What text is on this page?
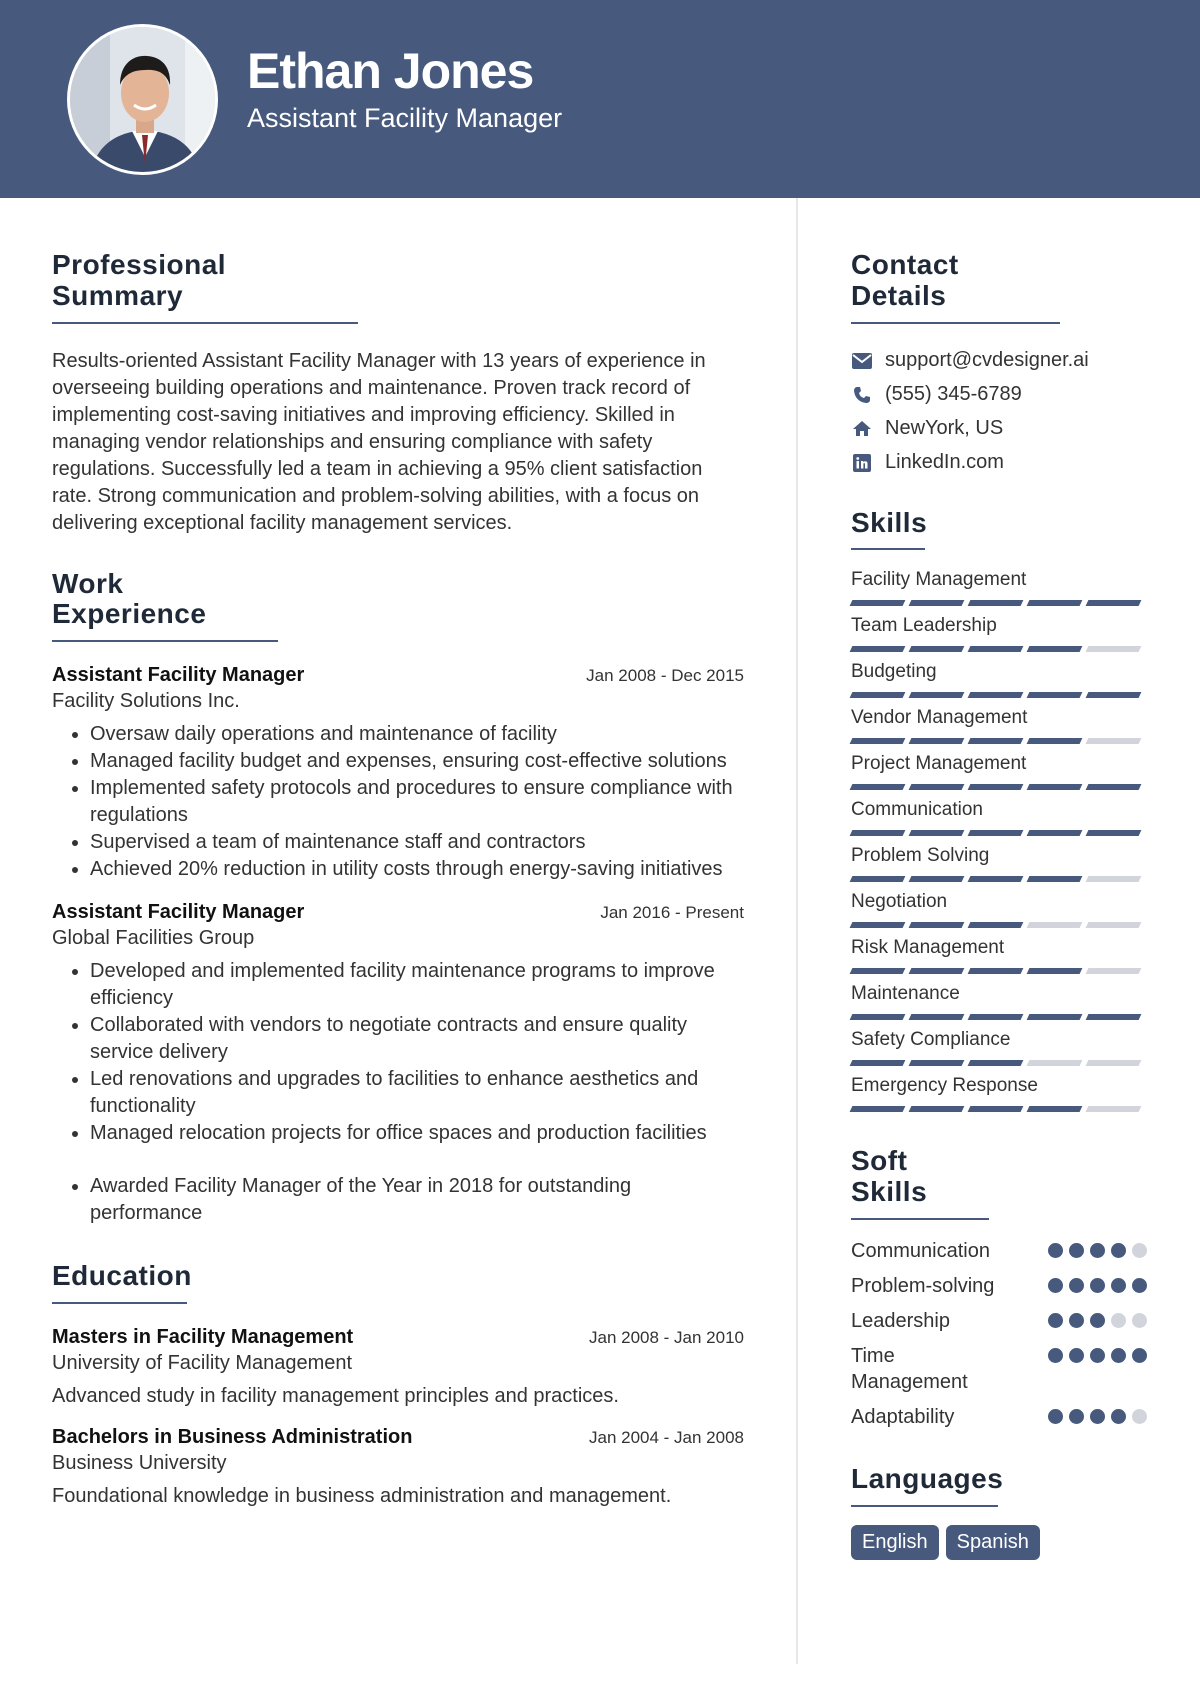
Ethan Jones
Assistant Facility Manager
Professional Summary

Results-oriented Assistant Facility Manager with 13 years of experience in overseeing building operations and maintenance. Proven track record of implementing cost-saving initiatives and improving efficiency. Skilled in managing vendor relationships and ensuring compliance with safety regulations. Successfully led a team in achieving a 95% client satisfaction rate. Strong communication and problem-solving abilities, with a focus on delivering exceptional facility management services.

Work Experience
Assistant Facility Manager	Jan 2008 - Dec 2015
Facility Solutions Inc.
• Oversaw daily operations and maintenance of facility
• Managed facility budget and expenses, ensuring cost-effective solutions
• Implemented safety protocols and procedures to ensure compliance with regulations
• Supervised a team of maintenance staff and contractors
• Achieved 20% reduction in utility costs through energy-saving initiatives
Assistant Facility Manager	Jan 2016 - Present
Global Facilities Group
• Developed and implemented facility maintenance programs to improve efficiency
• Collaborated with vendors to negotiate contracts and ensure quality service delivery
• Led renovations and upgrades to facilities to enhance aesthetics and functionality
• Managed relocation projects for office spaces and production facilities
• Awarded Facility Manager of the Year in 2018 for outstanding performance
Education
Masters in Facility Management	Jan 2008 - Jan 2010
University of Facility Management
Advanced study in facility management principles and practices.
Bachelors in Business Administration	Jan 2004 - Jan 2008
Business University
Foundational knowledge in business administration and management.
Contact Details
support@cvdesigner.ai
(555) 345-6789
NewYork, US
LinkedIn.com
Skills
Facility Management
Team Leadership
Budgeting
Vendor Management
Project Management
Communication
Problem Solving
Negotiation
Risk Management
Maintenance
Safety Compliance
Emergency Response
Soft Skills
Communication
Problem-solving
Leadership
Time Management
Adaptability
Languages
English	Spanish
